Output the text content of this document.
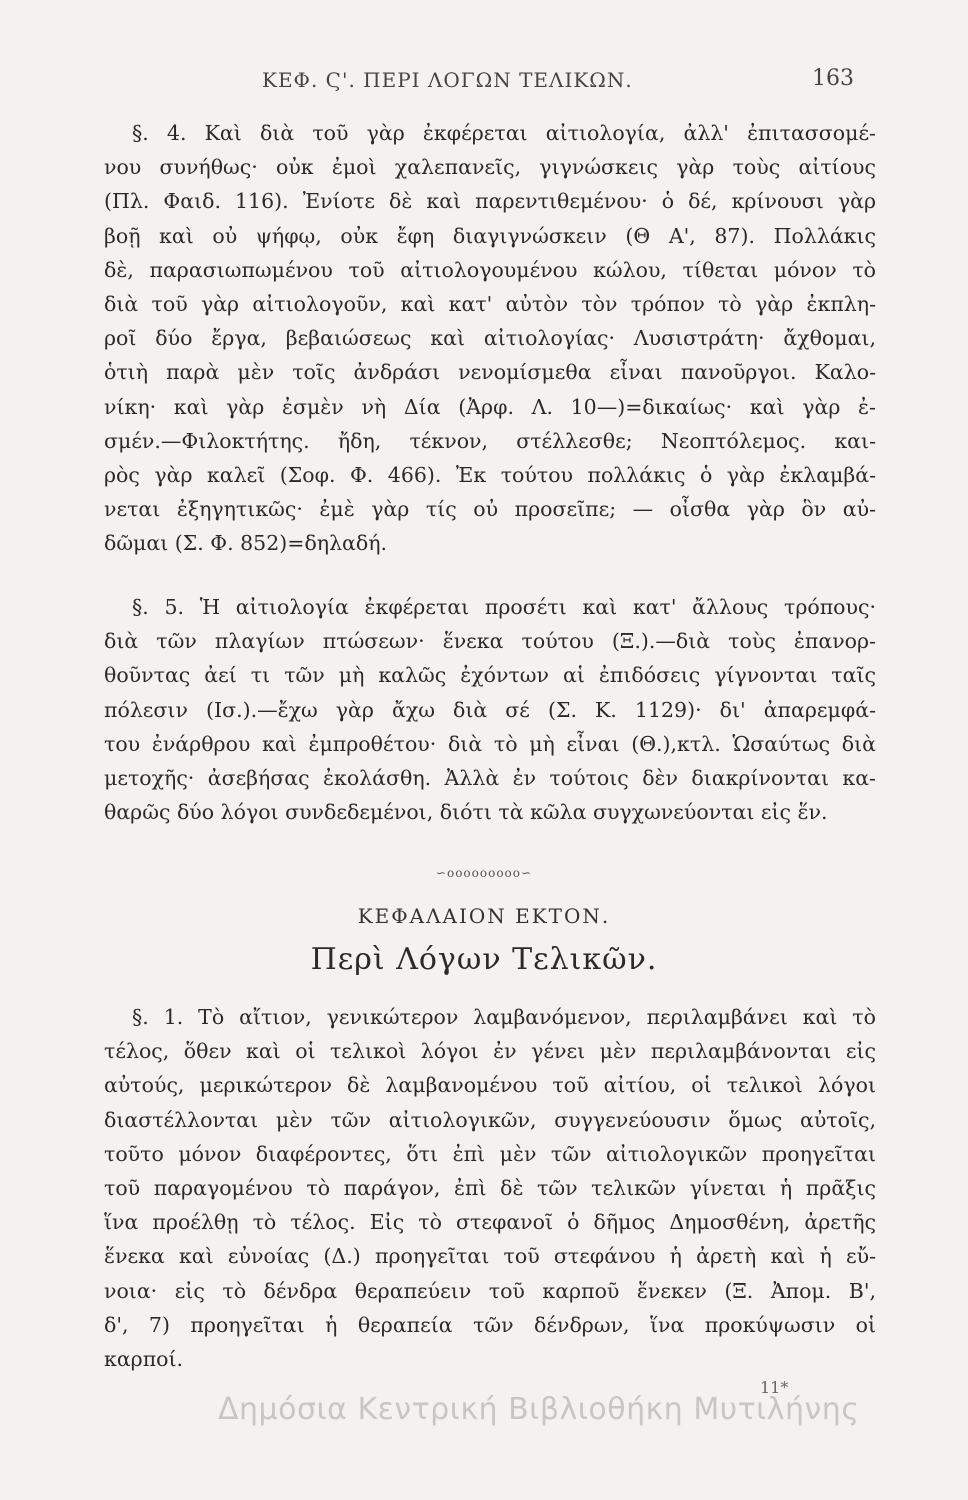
ΚΕΦ. Ϛ'. ΠΕΡΙ ΛΟΓΩΝ ΤΕΛΙΚΩΝ.	163
§. 4. Καὶ διὰ τοῦ γὰρ ἐκφέρεται αἰτιολογία, ἀλλ' ἐπιτασσομέ-
νου συνήθως· οὐκ ἐμοὶ χαλεπανεῖς, γιγνώσκεις γὰρ τοὺς αἰτίους
(Πλ. Φαιδ. 116). Ἐνίοτε δὲ καὶ παρεντιθεμένου· ὁ δέ, κρίνουσι γὰρ
βοῇ καὶ οὐ ψήφῳ, οὐκ ἔφη διαγιγνώσκειν (Θ Α', 87). Πολλάκις
δὲ, παρασιωπωμένου τοῦ αἰτιολογουμένου κώλου, τίθεται μόνον τὸ
διὰ τοῦ γὰρ αἰτιολογοῦν, καὶ κατ' αὐτὸν τὸν τρόπον τὸ γὰρ ἐκπλη-
ροῖ δύο ἔργα, βεβαιώσεως καὶ αἰτιολογίας· Λυσιστράτη· ἄχθομαι,
ὁτιὴ παρὰ μὲν τοῖς ἀνδράσι νενομίσμεθα εἶναι πανοῦργοι. Καλο-
νίκη· καὶ γὰρ ἐσμὲν νὴ Δία (Ἀρφ. Λ. 10—)=δικαίως· καὶ γὰρ ἐ-
σμέν.—Φιλοκτήτης. ἤδη, τέκνον, στέλλεσθε; Νεοπτόλεμος. και-
ρὸς γὰρ καλεῖ (Σοφ. Φ. 466). Ἐκ τούτου πολλάκις ὁ γὰρ ἐκλαμβά-
νεται ἐξηγητικῶς· ἐμὲ γὰρ τίς οὐ προσεῖπε; — οἶσθα γὰρ ὃν αὐ-
δῶμαι (Σ. Φ. 852)=δηλαδή.
§. 5. Ἡ αἰτιολογία ἐκφέρεται προσέτι καὶ κατ' ἄλλους τρόπους·
διὰ τῶν πλαγίων πτώσεων· ἕνεκα τούτου (Ξ.).—διὰ τοὺς ἐπανορ-
θοῦντας ἀεί τι τῶν μὴ καλῶς ἐχόντων αἱ ἐπιδόσεις γίγνονται ταῖς
πόλεσιν (Ισ.).—ἔχω γὰρ ἄχω διὰ σέ (Σ. Κ. 1129)· δι' ἀπαρεμφά-
του ἐνάρθρου καὶ ἐμπροθέτου· διὰ τὸ μὴ εἶναι (Θ.),κτλ. Ὡσαύτως διὰ
μετοχῆς· ἀσεβήσας ἐκολάσθη. Ἀλλὰ ἐν τούτοις δὲν διακρίνονται κα-
θαρῶς δύο λόγοι συνδεδεμένοι, διότι τὰ κῶλα συγχωνεύονται εἰς ἕν.
∽ooooooooo∽
ΚΕΦΑΛΑΙΟΝ ΕΚΤΟΝ.
Περὶ Λόγων Τελικῶν.
§. 1. Τὸ αἴτιον, γενικώτερον λαμβανόμενον, περιλαμβάνει καὶ τὸ
τέλος, ὅθεν καὶ οἱ τελικοὶ λόγοι ἐν γένει μὲν περιλαμβάνονται εἰς
αὐτούς, μερικώτερον δὲ λαμβανομένου τοῦ αἰτίου, οἱ τελικοὶ λόγοι
διαστέλλονται μὲν τῶν αἰτιολογικῶν, συγγενεύουσιν ὅμως αὐτοῖς,
τοῦτο μόνον διαφέροντες, ὅτι ἐπὶ μὲν τῶν αἰτιολογικῶν προηγεῖται
τοῦ παραγομένου τὸ παράγον, ἐπὶ δὲ τῶν τελικῶν γίνεται ἡ πρᾶξις
ἵνα προέλθῃ τὸ τέλος. Εἰς τὸ στεφανοῖ ὁ δῆμος Δημοσθένη, ἀρετῆς
ἕνεκα καὶ εὐνοίας (Δ.) προηγεῖται τοῦ στεφάνου ἡ ἀρετὴ καὶ ἡ εὔ-
νοια· εἰς τὸ δένδρα θεραπεύειν τοῦ καρποῦ ἕνεκεν (Ξ. Ἀπομ. Β',
δ', 7) προηγεῖται ἡ θεραπεία τῶν δένδρων, ἵνα προκύψωσιν οἱ
καρποί.
11*
Δημόσια Κεντρική Βιβλιοθήκη Μυτιλήνης
